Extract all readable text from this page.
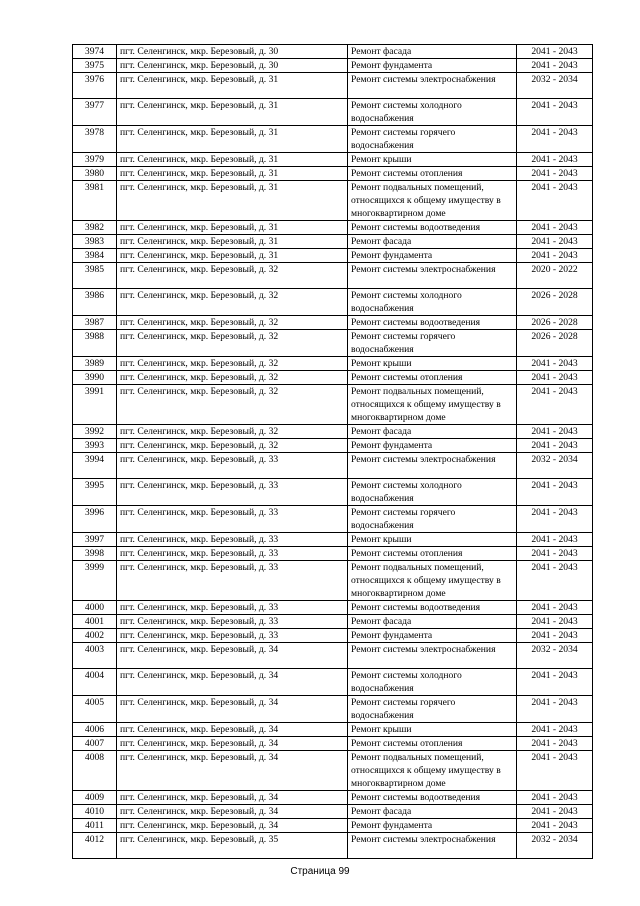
3974	пгт. Селенгинск, мкр. Березовый, д. 30	Ремонт фасада	2041 - 2043
3975	пгт. Селенгинск, мкр. Березовый, д. 30	Ремонт фундамента	2041 - 2043
3976	пгт. Селенгинск, мкр. Березовый, д. 31	Ремонт системы электроснабжения	2032 - 2034
3977	пгт. Селенгинск, мкр. Березовый, д. 31	Ремонт системы холодного водоснабжения	2041 - 2043
3978	пгт. Селенгинск, мкр. Березовый, д. 31	Ремонт системы горячего водоснабжения	2041 - 2043
3979	пгт. Селенгинск, мкр. Березовый, д. 31	Ремонт крыши	2041 - 2043
3980	пгт. Селенгинск, мкр. Березовый, д. 31	Ремонт системы отопления	2041 - 2043
3981	пгт. Селенгинск, мкр. Березовый, д. 31	Ремонт подвальных помещений, относящихся к общему имуществу в многоквартирном доме	2041 - 2043
3982	пгт. Селенгинск, мкр. Березовый, д. 31	Ремонт системы водоотведения	2041 - 2043
3983	пгт. Селенгинск, мкр. Березовый, д. 31	Ремонт фасада	2041 - 2043
3984	пгт. Селенгинск, мкр. Березовый, д. 31	Ремонт фундамента	2041 - 2043
3985	пгт. Селенгинск, мкр. Березовый, д. 32	Ремонт системы электроснабжения	2020 - 2022
3986	пгт. Селенгинск, мкр. Березовый, д. 32	Ремонт системы холодного водоснабжения	2026 - 2028
3987	пгт. Селенгинск, мкр. Березовый, д. 32	Ремонт системы водоотведения	2026 - 2028
3988	пгт. Селенгинск, мкр. Березовый, д. 32	Ремонт системы горячего водоснабжения	2026 - 2028
3989	пгт. Селенгинск, мкр. Березовый, д. 32	Ремонт крыши	2041 - 2043
3990	пгт. Селенгинск, мкр. Березовый, д. 32	Ремонт системы отопления	2041 - 2043
3991	пгт. Селенгинск, мкр. Березовый, д. 32	Ремонт подвальных помещений, относящихся к общему имуществу в многоквартирном доме	2041 - 2043
3992	пгт. Селенгинск, мкр. Березовый, д. 32	Ремонт фасада	2041 - 2043
3993	пгт. Селенгинск, мкр. Березовый, д. 32	Ремонт фундамента	2041 - 2043
3994	пгт. Селенгинск, мкр. Березовый, д. 33	Ремонт системы электроснабжения	2032 - 2034
3995	пгт. Селенгинск, мкр. Березовый, д. 33	Ремонт системы холодного водоснабжения	2041 - 2043
3996	пгт. Селенгинск, мкр. Березовый, д. 33	Ремонт системы горячего водоснабжения	2041 - 2043
3997	пгт. Селенгинск, мкр. Березовый, д. 33	Ремонт крыши	2041 - 2043
3998	пгт. Селенгинск, мкр. Березовый, д. 33	Ремонт системы отопления	2041 - 2043
3999	пгт. Селенгинск, мкр. Березовый, д. 33	Ремонт подвальных помещений, относящихся к общему имуществу в многоквартирном доме	2041 - 2043
4000	пгт. Селенгинск, мкр. Березовый, д. 33	Ремонт системы водоотведения	2041 - 2043
4001	пгт. Селенгинск, мкр. Березовый, д. 33	Ремонт фасада	2041 - 2043
4002	пгт. Селенгинск, мкр. Березовый, д. 33	Ремонт фундамента	2041 - 2043
4003	пгт. Селенгинск, мкр. Березовый, д. 34	Ремонт системы электроснабжения	2032 - 2034
4004	пгт. Селенгинск, мкр. Березовый, д. 34	Ремонт системы холодного водоснабжения	2041 - 2043
4005	пгт. Селенгинск, мкр. Березовый, д. 34	Ремонт системы горячего водоснабжения	2041 - 2043
4006	пгт. Селенгинск, мкр. Березовый, д. 34	Ремонт крыши	2041 - 2043
4007	пгт. Селенгинск, мкр. Березовый, д. 34	Ремонт системы отопления	2041 - 2043
4008	пгт. Селенгинск, мкр. Березовый, д. 34	Ремонт подвальных помещений, относящихся к общему имуществу в многоквартирном доме	2041 - 2043
4009	пгт. Селенгинск, мкр. Березовый, д. 34	Ремонт системы водоотведения	2041 - 2043
4010	пгт. Селенгинск, мкр. Березовый, д. 34	Ремонт фасада	2041 - 2043
4011	пгт. Селенгинск, мкр. Березовый, д. 34	Ремонт фундамента	2041 - 2043
4012	пгт. Селенгинск, мкр. Березовый, д. 35	Ремонт системы электроснабжения	2032 - 2034
Страница 99
